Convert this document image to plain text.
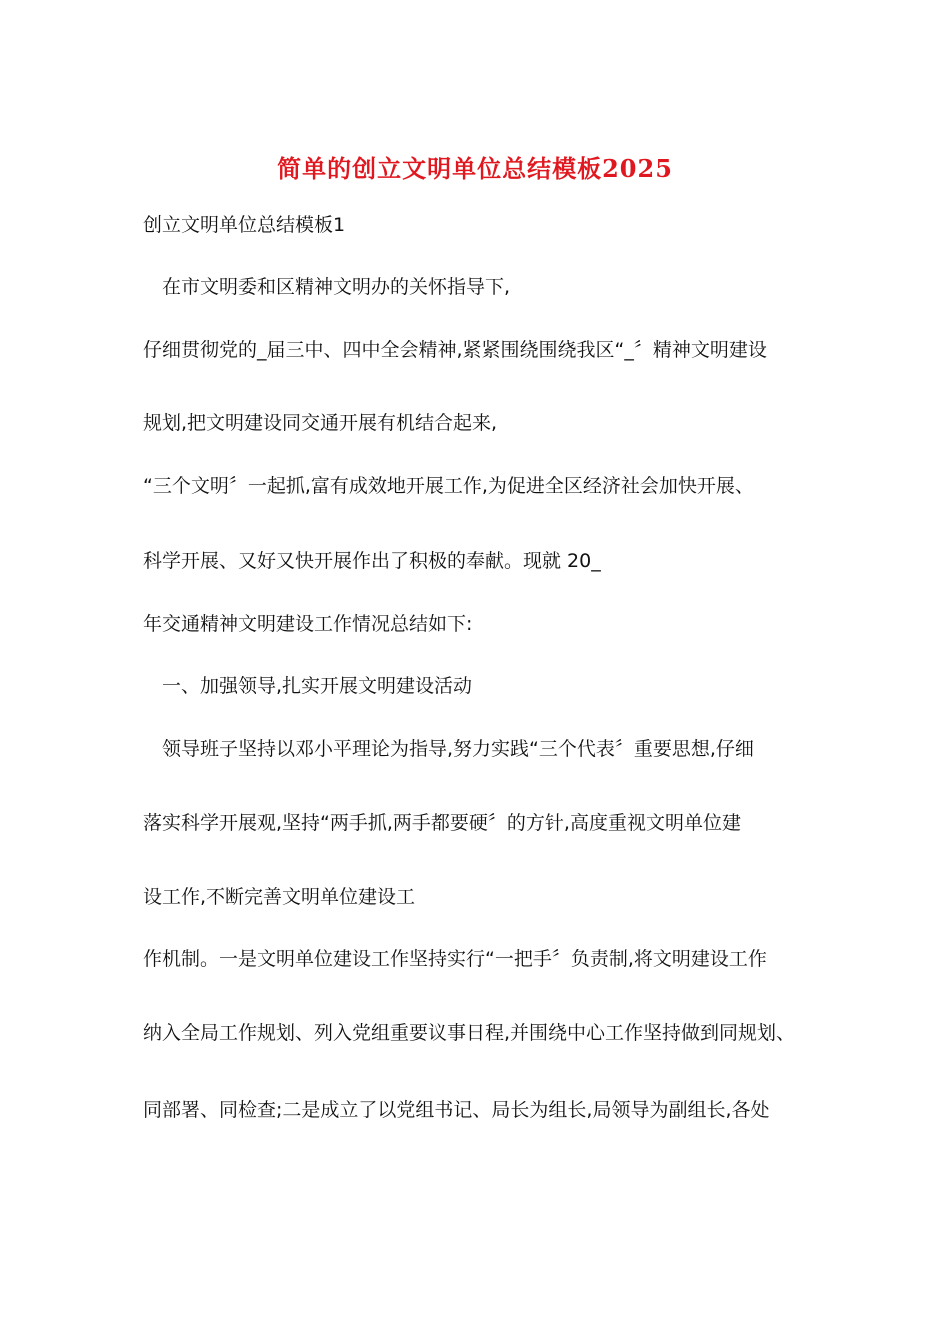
简单的创立文明单位总结模板2025
创立文明单位总结模板1
在市文明委和区精神文明办的关怀指导下,
仔细贯彻党的_届三中、四中全会精神,紧紧围绕围绕我区“_〞精神文明建设
规划,把文明建设同交通开展有机结合起来,
“三个文明〞一起抓,富有成效地开展工作,为促进全区经济社会加快开展、
科学开展、又好又快开展作出了积极的奉献。现就 20_
年交通精神文明建设工作情况总结如下:
一、加强领导,扎实开展文明建设活动
领导班子坚持以邓小平理论为指导,努力实践“三个代表〞重要思想,仔细
落实科学开展观,坚持“两手抓,两手都要硬〞的方针,高度重视文明单位建
设工作,不断完善文明单位建设工
作机制。一是文明单位建设工作坚持实行“一把手〞负责制,将文明建设工作
纳入全局工作规划、列入党组重要议事日程,并围绕中心工作坚持做到同规划、
同部署、同检查;二是成立了以党组书记、局长为组长,局领导为副组长,各处
